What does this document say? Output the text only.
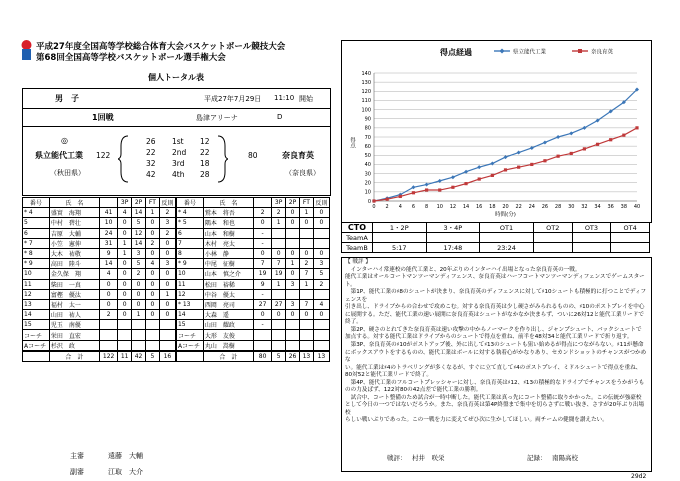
平成27年度全国高等学校総合体育大会バスケットボール競技大会
第68回全国高等学校バスケットボール選手権大会
個人トータル表
男　子	平成27年7月29日 11:10 開始
1回戦	島津アリーナ	D
◎
県立能代工業
（秋田県）
122	80	奈良育英
（奈良県）
26 1st 12
22 2nd 22
32 3rd 18
42 4th 28
番号	氏　名		3P	2P	FT	反則	番号	氏　名		3P	2P	FT	反則
* 4	盛實　海翔	41	4	14	1	2	* 4	鷲本　将吾	2	2	0	1	0
5	中村　碧壮	10	0	5	0	3	* 5	隅本　和也	0	1	0	0	0
6	吉原　大輔	24	0	12	0	2	6	山本　和樹	-				
* 7	小笠　憲伸	31	1	14	2	0	7	木村　亮太	-				
* 8	大木　祐敬	9	1	3	0	0	8	小林　静	0	0	0	0	0
* 9	高田　陸斗	14	0	5	4	3	* 9	中尾　征樹	7	7	1	2	3
10	金久保　翔	4	0	2	0	0	10	山本　慎之介	19	19	0	7	5
11	柴田　一真	0	0	0	0	0	11	松田　裕稀	9	1	3	1	2
12	富樫　優汰	0	0	0	0	1	12	中谷　優太	-				
13	福村　太一	0	0	0	0	0	* 13	西岡　亮司	27	27	3	7	4
14	山田　祐人	2	0	1	0	0	14	大森　遥	0	0	0	0	0
15	児玉　南優						15	山田　耀政	-				
コーチ	栄田　直宏						コーチ	大形　友俊					
Aコーチ	杉沢　政						Aコーチ	丸山　嵩樹					
	合　計	122	11	42	5	16		合　計	80	5	26	13	13
主審	遠藤　大輔
副審	江取　大介
得点経過	県立能代工業	奈良育英
0
10
20
30
40
50
60
70
80
90
100
110
120
130
140
0 2 4 6 8 10 12 14 16 18 20 22 24 26 28 30 32 34 36 38 40
時間(分)
得点
CTO	1・2P	3・4P	OT1	OT2	OT3	OT4
TeamA						
TeamB	5:17	17:48	23:24			

【 戦評 】

　インターハイ常連校の能代工業と、20年ぶりのインターハイ出場となった奈良育英の一戦。

能代工業はオールコートマンツーマンディフェンス、奈良育英はハーフコートマンツーマンディフェンスでゲームスタート。

　第1P、能代工業の♯8のシュートが決まり、奈良育英のディフェンスに対して♯10シュートも積極的に打つことでディフェンスを

引き出し、ドライブからの合わせで攻めこむ。対する奈良育英は少し硬さがみられるものの、♯10のポストプレイを中心

に展開する。ただ、能代工業の速い展開に奈良育英はシュートがなかなか決まらず、ついに26対12と能代工業リードで終了。

　第2P、硬さのとれてきた奈良育英は速い攻撃の中からノーマークを作り出し、ジャンプシュート、バックシュートで

加点する。対する能代工業はドライブからのシュートで得点を重ね、前半を48対34と能代工業リードで折り返す。

　第3P、奈良育英の♯10がポストアップ後、外に出して♯13のシュートも狙い始めるが得点につながらない。♯11が懸命

にボックスアウトをするものの、能代工業はボールに対する執着心がかなりあり、セカンドショットのチャンスがつかめな

い。能代工業は♯4のトラベリングが多くなるが、すぐに立て直して♯4のポストプレイ、ミドルシュートで得点を重ね、

80対52と能代工業リードで終了。

　第4P、能代工業のフルコートプレッシャーに対し、奈良育英は♯12、♯13の積極的なドライブでチャンスをうかがうものの力及ばず、122対80の42点差で能代工業の勝利。

　試合中、コート整備のため試合が一時中断した。能代工業は真っ先にコート整備に取りかかった。この伝統が強豪校

として今日の一つではないだろうか。また、奈良育英は第4P終盤まで集中を切らさずに戦い抜き、さすが20年ぶり出場校

らしい戦いぶりであった。この一戦を力に変えてぜひ次に生かしてほしい。両チームの健闘を讃えたい。

戦評： 村井　咲栄	記録： 南陽高校
29d2
